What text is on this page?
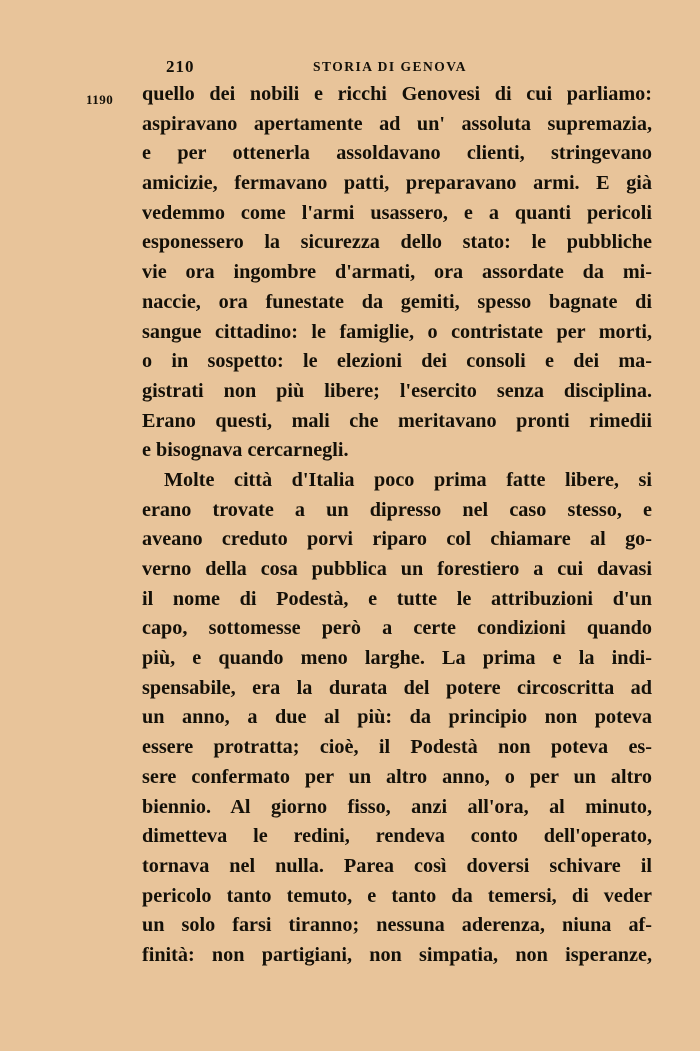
210	STORIA DI GENOVA
1190 quello dei nobili e ricchi Genovesi di cui parliamo:
aspiravano apertamente ad un' assoluta supremazia,
e per ottenerla assoldavano clienti, stringevano
amicizie, fermavano patti, preparavano armi. E già
vedemmo come l'armi usassero, e a quanti pericoli
esponessero la sicurezza dello stato: le pubbliche
vie ora ingombre d'armati, ora assordate da mi-
naccie, ora funestate da gemiti, spesso bagnate di
sangue cittadino: le famiglie, o contristate per morti,
o in sospetto: le elezioni dei consoli e dei ma-
gistrati non più libere; l'esercito senza disciplina.
Erano questi, mali che meritavano pronti rimedii
e bisognava cercarnegli.
Molte città d'Italia poco prima fatte libere, si
erano trovate a un dipresso nel caso stesso, e
aveano creduto porvi riparo col chiamare al go-
verno della cosa pubblica un forestiero a cui davasi
il nome di Podestà, e tutte le attribuzioni d'un
capo, sottomesse però a certe condizioni quando
più, e quando meno larghe. La prima e la indi-
spensabile, era la durata del potere circoscritta ad
un anno, a due al più: da principio non poteva
essere protratta; cioè, il Podestà non poteva es-
sere confermato per un altro anno, o per un altro
biennio. Al giorno fisso, anzi all'ora, al minuto,
dimetteva le redini, rendeva conto dell'operato,
tornava nel nulla. Parea così doversi schivare il
pericolo tanto temuto, e tanto da temersi, di veder
un solo farsi tiranno; nessuna aderenza, niuna af-
finità: non partigiani, non simpatia, non isperanze,
